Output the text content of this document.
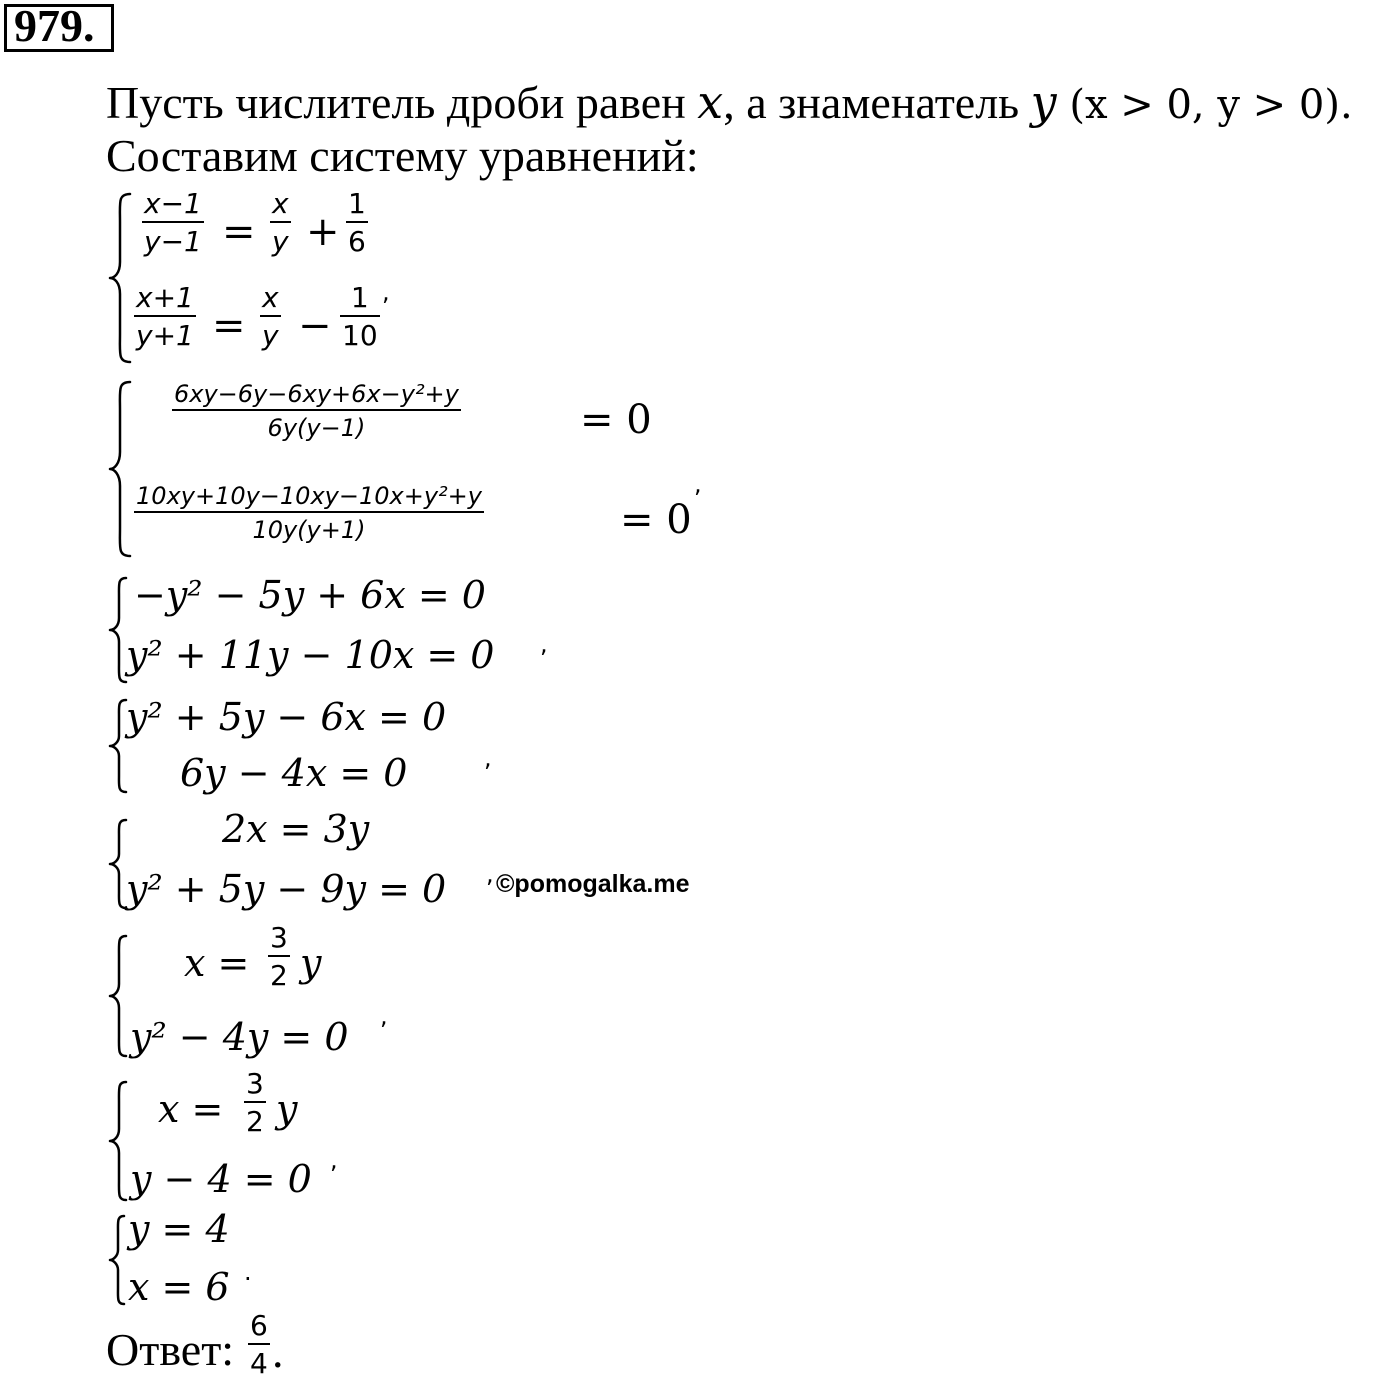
979.
Пусть числитель дроби равен x, а знаменатель y (x > 0, y > 0).
Составим систему уравнений:
x−1
y−1 =
x
y +
1
6
x+1
y+1 =
x
y −
1
10
,
6xy−6y−6xy+6x−y²+y
6y(y−1)	= 0
10xy+10y−10xy−10x+y²+y
10y(y+1)	= 0
,
−y² − 5y + 6x = 0
y² + 11y − 10x = 0 ,
y² + 5y − 6x = 0
6y − 4x = 0	,
2x = 3y
y² + 5y − 9y = 0 , ©pomogalka.me
x =
3
2 y
y² − 4y = 0 ,
x =
3
2 y
y − 4 = 0 ,
y = 4
x = 6 .
Ответ: 6
4 .
